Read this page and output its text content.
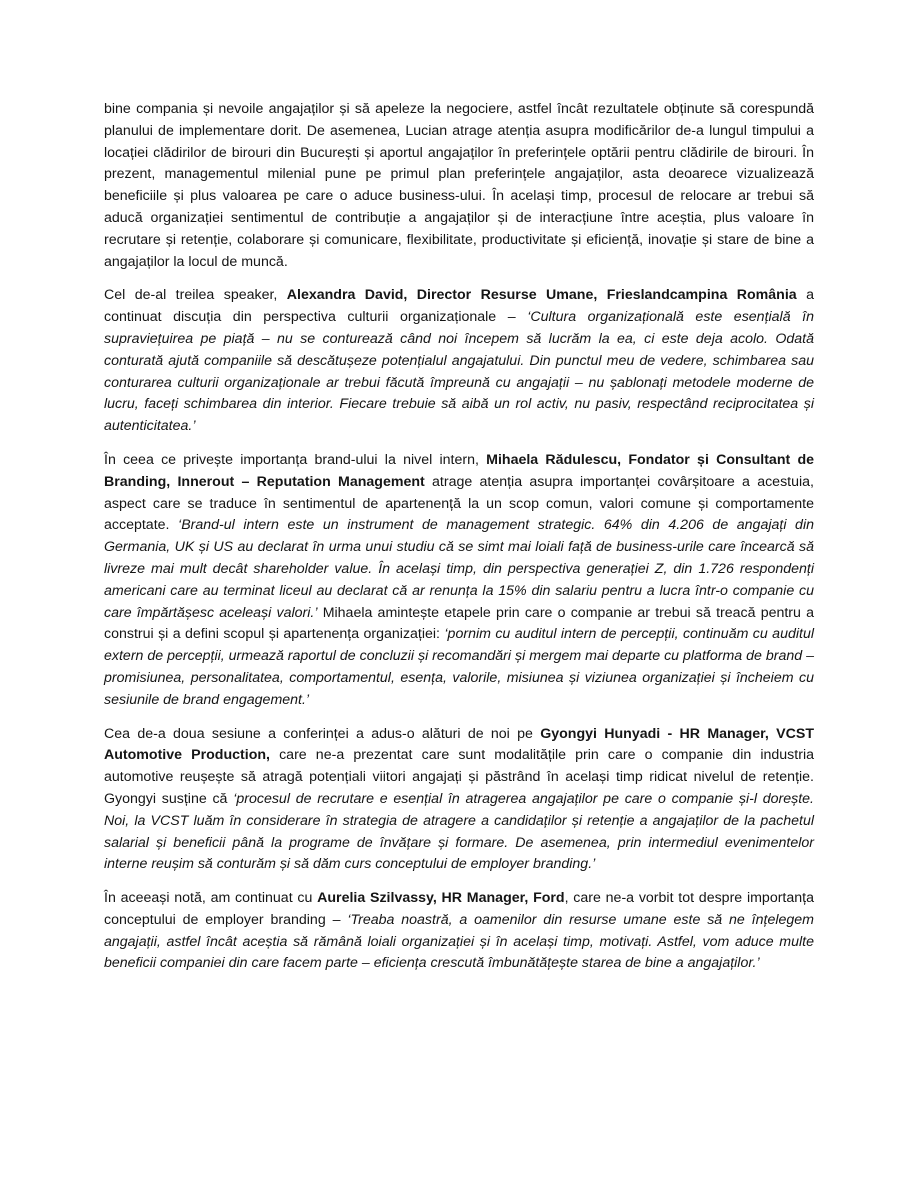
bine compania și nevoile angajaților și să apeleze la negociere, astfel încât rezultatele obținute să corespundă planului de implementare dorit. De asemenea, Lucian atrage atenția asupra modificărilor de-a lungul timpului a locației clădirilor de birouri din București și aportul angajaților în preferințele optării pentru clădirile de birouri. În prezent, managementul milenial pune pe primul plan preferințele angajaților, asta deoarece vizualizează beneficiile și plus valoarea pe care o aduce business-ului. În același timp, procesul de relocare ar trebui să aducă organizației sentimentul de contribuție a angajaților și de interacțiune între aceștia, plus valoare în recrutare și retenție, colaborare și comunicare, flexibilitate, productivitate și eficiență, inovație și stare de bine a angajaților la locul de muncă.

Cel de-al treilea speaker, Alexandra David, Director Resurse Umane, Frieslandcampina România a continuat discuția din perspectiva culturii organizaționale – ‘Cultura organizațională este esențială în supraviețuirea pe piață – nu se conturează când noi începem să lucrăm la ea, ci este deja acolo. Odată conturată ajută companiile să descătușeze potențialul angajatului. Din punctul meu de vedere, schimbarea sau conturarea culturii organizaționale ar trebui făcută împreună cu angajații – nu șablonați metodele moderne de lucru, faceți schimbarea din interior. Fiecare trebuie să aibă un rol activ, nu pasiv, respectând reciprocitatea și autenticitatea.’

În ceea ce privește importanța brand-ului la nivel intern, Mihaela Rădulescu, Fondator și Consultant de Branding, Innerout – Reputation Management atrage atenția asupra importanței covârșitoare a acestuia, aspect care se traduce în sentimentul de apartenență la un scop comun, valori comune și comportamente acceptate. ‘Brand-ul intern este un instrument de management strategic. 64% din 4.206 de angajați din Germania, UK și US au declarat în urma unui studiu că se simt mai loiali față de business-urile care încearcă să livreze mai mult decât shareholder value. În același timp, din perspectiva generației Z, din 1.726 respondenți americani care au terminat liceul au declarat că ar renunța la 15% din salariu pentru a lucra într-o companie cu care împărtășesc aceleași valori.’ Mihaela amintește etapele prin care o companie ar trebui să treacă pentru a construi și a defini scopul și apartenența organizației: ‘pornim cu auditul intern de percepții, continuăm cu auditul extern de percepții, urmează raportul de concluzii și recomandări și mergem mai departe cu platforma de brand – promisiunea, personalitatea, comportamentul, esența, valorile, misiunea și viziunea organizației și încheiem cu sesiunile de brand engagement.’

Cea de-a doua sesiune a conferinței a adus-o alături de noi pe Gyongyi Hunyadi - HR Manager, VCST Automotive Production, care ne-a prezentat care sunt modalitățile prin care o companie din industria automotive reușește să atragă potențiali viitori angajați și păstrând în același timp ridicat nivelul de retenție. Gyongyi susține că ‘procesul de recrutare e esențial în atragerea angajaților pe care o companie și-l dorește. Noi, la VCST luăm în considerare în strategia de atragere a candidaților și retenție a angajaților de la pachetul salarial și beneficii până la programe de învățare și formare. De asemenea, prin intermediul evenimentelor interne reușim să conturăm și să dăm curs conceptului de employer branding.’

În aceeași notă, am continuat cu Aurelia Szilvassy, HR Manager, Ford, care ne-a vorbit tot despre importanța conceptului de employer branding – ‘Treaba noastră, a oamenilor din resurse umane este să ne înțelegem angajații, astfel încât aceștia să rămână loiali organizației și în același timp, motivați. Astfel, vom aduce multe beneficii companiei din care facem parte – eficiența crescută îmbunătățește starea de bine a angajaților.’
